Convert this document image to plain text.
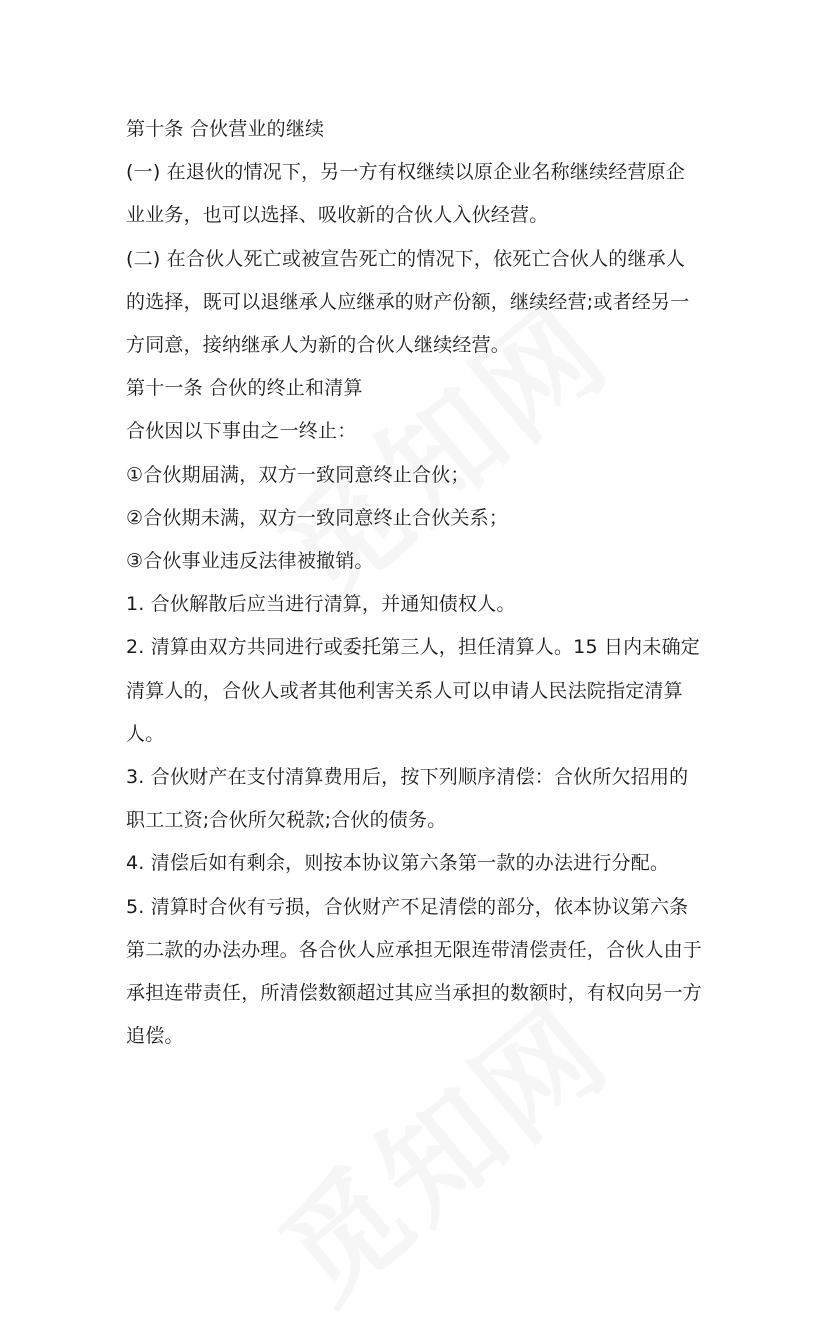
第十条 合伙营业的继续
(一) 在退伙的情况下，另一方有权继续以原企业名称继续经营原企
业业务，也可以选择、吸收新的合伙人入伙经营。
(二) 在合伙人死亡或被宣告死亡的情况下，依死亡合伙人的继承人
的选择，既可以退继承人应继承的财产份额，继续经营;或者经另一
方同意，接纳继承人为新的合伙人继续经营。
第十一条 合伙的终止和清算
合伙因以下事由之一终止：
①合伙期届满，双方一致同意终止合伙；
②合伙期未满，双方一致同意终止合伙关系；
③合伙事业违反法律被撤销。
1. 合伙解散后应当进行清算，并通知债权人。
2. 清算由双方共同进行或委托第三人，担任清算人。15 日内未确定
清算人的，合伙人或者其他利害关系人可以申请人民法院指定清算
人。
3. 合伙财产在支付清算费用后，按下列顺序清偿：合伙所欠招用的
职工工资;合伙所欠税款;合伙的债务。
4. 清偿后如有剩余，则按本协议第六条第一款的办法进行分配。
5. 清算时合伙有亏损，合伙财产不足清偿的部分，依本协议第六条
第二款的办法办理。各合伙人应承担无限连带清偿责任，合伙人由于
承担连带责任，所清偿数额超过其应当承担的数额时，有权向另一方
追偿。
